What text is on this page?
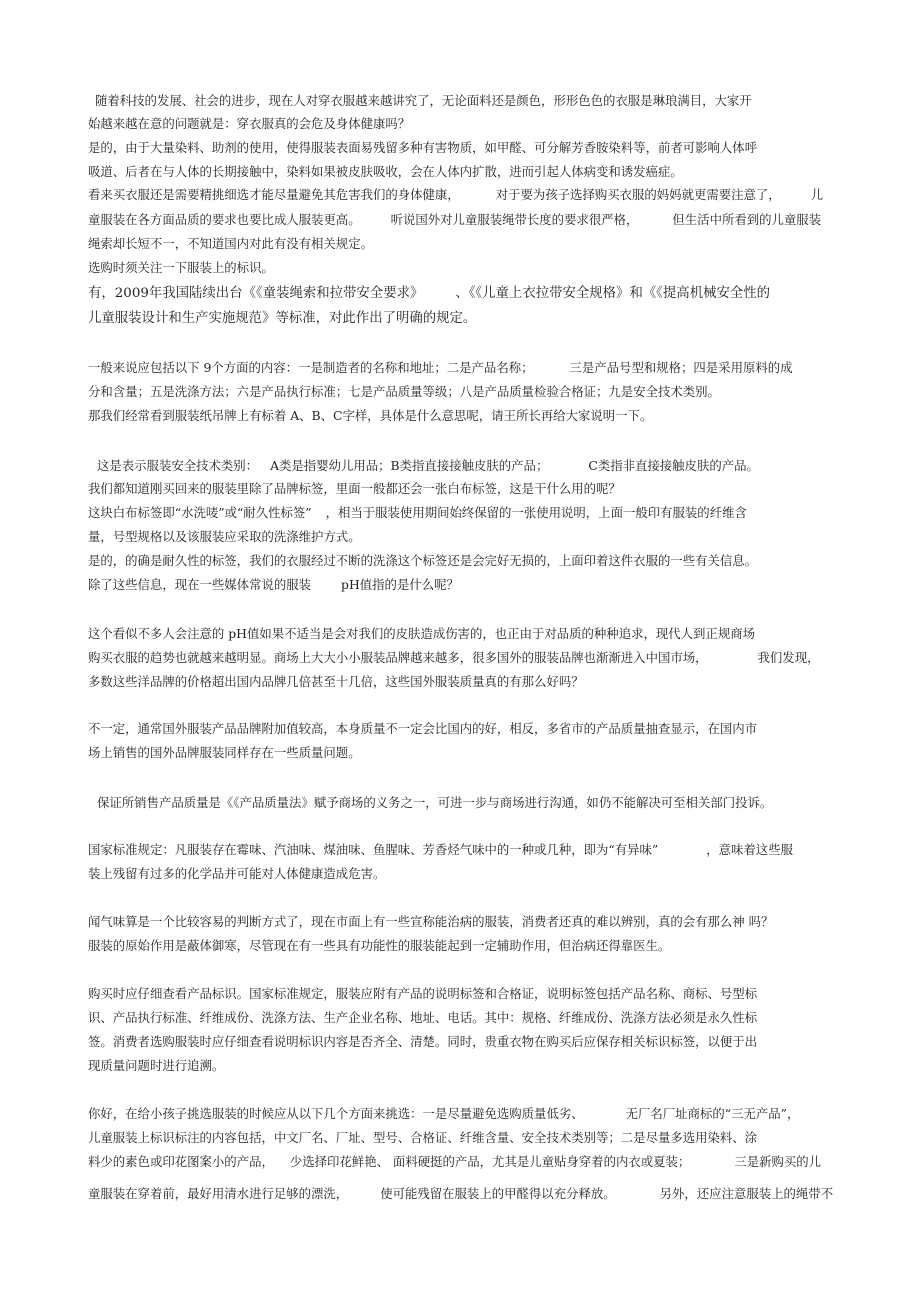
随着科技的发展、社会的进步，现在人对穿衣服越来越讲究了，无论面料还是颜色，形形色色的衣服是琳琅满目，大家开
始越来越在意的问题就是：穿衣服真的会危及身体健康吗？
是的，由于大量染料、助剂的使用，使得服装表面易残留多种有害物质，如甲醛、可分解芳香胺染料等，前者可影响人体呼
吸道、后者在与人体的长期接触中，染料如果被皮肤吸收，会在人体内扩散，进而引起人体病变和诱发癌症。
看来买衣服还是需要精挑细选才能尽量避免其危害我们的身体健康，	对于要为孩子选择购买衣服的妈妈就更需要注意了， 儿
童服装在各方面品质的要求也要比成人服装更高。 听说国外对儿童服装绳带长度的要求很严格，	但生活中所看到的儿童服装
绳索却长短不一，不知道国内对此有没有相关规定。
选购时须关注一下服装上的标识。
有，2009年我国陆续出台《《童装绳索和拉带安全要求》 、《《儿童上衣拉带安全规格》和《《提高机械安全性的
儿童服装设计和生产实施规范》等标准，对此作出了明确的规定。
一般来说应包括以下 9个方面的内容：一是制造者的名称和地址；二是产品名称；	三是产品号型和规格；四是采用原料的成
分和含量；五是洗涤方法；六是产品执行标准；七是产品质量等级；八是产品质量检验合格证；九是安全技术类别。
那我们经常看到服装纸吊牌上有标着 A、B、C字样，具体是什么意思呢，请王所长再给大家说明一下。
这是表示服装安全技术类别： A类是指婴幼儿用品；B类指直接接触皮肤的产品；	C类指非直接接触皮肤的产品。
我们都知道刚买回来的服装里除了品牌标签，里面一般都还会一张白布标签，这是干什么用的呢？
这块白布标签即“水洗唛”或“耐久性标签” ，相当于服装使用期间始终保留的一张使用说明，上面一般印有服装的纤维含
量，号型规格以及该服装应采取的洗涤维护方式。
是的，的确是耐久性的标签，我们的衣服经过不断的洗涤这个标签还是会完好无损的，上面印着这件衣服的一些有关信息。
除了这些信息，现在一些媒体常说的服装 pH值指的是什么呢？
这个看似不多人会注意的 pH值如果不适当是会对我们的皮肤造成伤害的，也正由于对品质的种种追求，现代人到正规商场
购买衣服的趋势也就越来越明显。商场上大大小小服装品牌越来越多，很多国外的服装品牌也渐渐进入中国市场，	我们发现，
多数这些洋品牌的价格超出国内品牌几倍甚至十几倍，这些国外服装质量真的有那么好吗？
不一定，通常国外服装产品品牌附加值较高，本身质量不一定会比国内的好，相反，多省市的产品质量抽查显示，在国内市
场上销售的国外品牌服装同样存在一些质量问题。
保证所销售产品质量是《《产品质量法》赋予商场的义务之一，可进一步与商场进行沟通，如仍不能解决可至相关部门投诉。
国家标准规定：凡服装存在霉味、汽油味、煤油味、鱼腥味、芳香烃气味中的一种或几种，即为“有异味”	，意味着这些服
装上残留有过多的化学品并可能对人体健康造成危害。
闻气味算是一个比较容易的判断方式了，现在市面上有一些宣称能治病的服装，消费者还真的难以辨别，真的会有那么神 吗？
服装的原始作用是蔽体御寒，尽管现在有一些具有功能性的服装能起到一定辅助作用，但治病还得靠医生。
购买时应仔细查看产品标识。国家标准规定，服装应附有产品的说明标签和合格证，说明标签包括产品名称、商标、号型标
识、产品执行标准、纤维成份、洗涤方法、生产企业名称、地址、电话。其中：规格、纤维成份、洗涤方法必须是永久性标
签。消费者选购服装时应仔细查看说明标识内容是否齐全、清楚。同时，贵重衣物在购买后应保存相关标识标签，以便于出
现质量问题时进行追溯。
你好，在给小孩子挑选服装的时候应从以下几个方面来挑选：一是尽量避免选购质量低劣、	无厂名厂址商标的“三无产品”，
儿童服装上标识标注的内容包括，中文厂名、厂址、型号、合格证、纤维含量、安全技术类别等；二是尽量多选用染料、涂
料少的素色或印花图案小的产品， 少选择印花鲜艳、 面料硬挺的产品，尤其是儿童贴身穿着的内衣或夏装；	三是新购买的儿
童服装在穿着前，最好用清水进行足够的漂洗，	使可能残留在服装上的甲醛得以充分释放。	另外，还应注意服装上的绳带不
